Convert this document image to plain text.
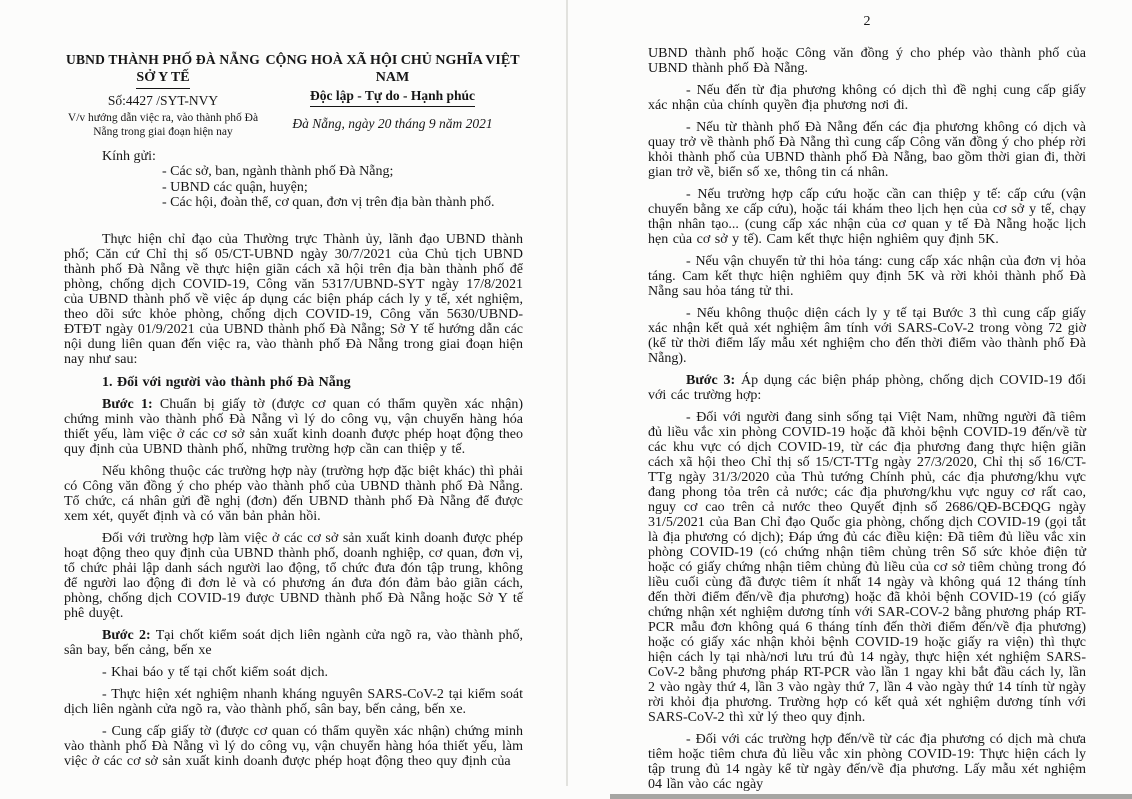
UBND THÀNH PHỐ ĐÀ NẴNG
SỞ Y TẾ
Số:4427 /SYT-NVY
V/v hướng dẫn việc ra, vào thành phố Đà
Nẵng trong giai đoạn hiện nay
CỘNG HOÀ XÃ HỘI CHỦ NGHĨA VIỆT NAM
Độc lập - Tự do - Hạnh phúc
Đà Nẵng, ngày 20 tháng 9 năm 2021
Kính gửi:
- Các sở, ban, ngành thành phố Đà Nẵng;
- UBND các quận, huyện;
- Các hội, đoàn thể, cơ quan, đơn vị trên địa bàn thành phố.

Thực hiện chỉ đạo của Thường trực Thành ủy, lãnh đạo UBND thành phố; Căn cứ Chỉ thị số 05/CT-UBND ngày 30/7/2021 của Chủ tịch UBND thành phố Đà Nẵng về thực hiện giãn cách xã hội trên địa bàn thành phố để phòng, chống dịch COVID-19, Công văn 5317/UBND-SYT ngày 17/8/2021 của UBND thành phố về việc áp dụng các biện pháp cách ly y tế, xét nghiệm, theo dõi sức khỏe phòng, chống dịch COVID-19, Công văn 5630/UBND-ĐTĐT ngày 01/9/2021 của UBND thành phố Đà Nẵng; Sở Y tế hướng dẫn các nội dung liên quan đến việc ra, vào thành phố Đà Nẵng trong giai đoạn hiện nay như sau:

1. Đối với người vào thành phố Đà Nẵng

Bước 1: Chuẩn bị giấy tờ (được cơ quan có thẩm quyền xác nhận) chứng minh vào thành phố Đà Nẵng vì lý do công vụ, vận chuyển hàng hóa thiết yếu, làm việc ở các cơ sở sản xuất kinh doanh được phép hoạt động theo quy định của UBND thành phố, những trường hợp cần can thiệp y tế.

Nếu không thuộc các trường hợp này (trường hợp đặc biệt khác) thì phải có Công văn đồng ý cho phép vào thành phố của UBND thành phố Đà Nẵng. Tổ chức, cá nhân gửi đề nghị (đơn) đến UBND thành phố Đà Nẵng để được xem xét, quyết định và có văn bản phản hồi.

Đối với trường hợp làm việc ở các cơ sở sản xuất kinh doanh được phép hoạt động theo quy định của UBND thành phố, doanh nghiệp, cơ quan, đơn vị, tổ chức phải lập danh sách người lao động, tổ chức đưa đón tập trung, không để người lao động đi đơn lẻ và có phương án đưa đón đảm bảo giãn cách, phòng, chống dịch COVID-19 được UBND thành phố Đà Nẵng hoặc Sở Y tế phê duyệt.

Bước 2: Tại chốt kiểm soát dịch liên ngành cửa ngõ ra, vào thành phố, sân bay, bến cảng, bến xe

- Khai báo y tế tại chốt kiểm soát dịch.

- Thực hiện xét nghiệm nhanh kháng nguyên SARS-CoV-2 tại kiểm soát dịch liên ngành cửa ngõ ra, vào thành phố, sân bay, bến cảng, bến xe.

- Cung cấp giấy tờ (được cơ quan có thẩm quyền xác nhận) chứng minh vào thành phố Đà Nẵng vì lý do công vụ, vận chuyển hàng hóa thiết yếu, làm việc ở các cơ sở sản xuất kinh doanh được phép hoạt động theo quy định của

2

UBND thành phố hoặc Công văn đồng ý cho phép vào thành phố của UBND thành phố Đà Nẵng.

- Nếu đến từ địa phương không có dịch thì đề nghị cung cấp giấy xác nhận của chính quyền địa phương nơi đi.

- Nếu từ thành phố Đà Nẵng đến các địa phương không có dịch và quay trở về thành phố Đà Nẵng thì cung cấp Công văn đồng ý cho phép rời khỏi thành phố của UBND thành phố Đà Nẵng, bao gồm thời gian đi, thời gian trở về, biển số xe, thông tin cá nhân.

- Nếu trường hợp cấp cứu hoặc cần can thiệp y tế: cấp cứu (vận chuyển bằng xe cấp cứu), hoặc tái khám theo lịch hẹn của cơ sở y tế, chạy thận nhân tạo... (cung cấp xác nhận của cơ quan y tế Đà Nẵng hoặc lịch hẹn của cơ sở y tế). Cam kết thực hiện nghiêm quy định 5K.

- Nếu vận chuyển tử thi hỏa táng: cung cấp xác nhận của đơn vị hỏa táng. Cam kết thực hiện nghiêm quy định 5K và rời khỏi thành phố Đà Nẵng sau hỏa táng tử thi.

- Nếu không thuộc diện cách ly y tế tại Bước 3 thì cung cấp giấy xác nhận kết quả xét nghiệm âm tính với SARS-CoV-2 trong vòng 72 giờ (kể từ thời điểm lấy mẫu xét nghiệm cho đến thời điểm vào thành phố Đà Nẵng).

Bước 3: Áp dụng các biện pháp phòng, chống dịch COVID-19 đối với các trường hợp:

- Đối với người đang sinh sống tại Việt Nam, những người đã tiêm đủ liều vắc xin phòng COVID-19 hoặc đã khỏi bệnh COVID-19 đến/về từ các khu vực có dịch COVID-19, từ các địa phương đang thực hiện giãn cách xã hội theo Chỉ thị số 15/CT-TTg ngày 27/3/2020, Chỉ thị số 16/CT-TTg ngày 31/3/2020 của Thủ tướng Chính phủ, các địa phương/khu vực đang phong tỏa trên cả nước; các địa phương/khu vực nguy cơ rất cao, nguy cơ cao trên cả nước theo Quyết định số 2686/QĐ-BCĐQG ngày 31/5/2021 của Ban Chỉ đạo Quốc gia phòng, chống dịch COVID-19 (gọi tắt là địa phương có dịch); Đáp ứng đủ các điều kiện: Đã tiêm đủ liều vắc xin phòng COVID-19 (có chứng nhận tiêm chủng trên Sổ sức khỏe điện tử hoặc có giấy chứng nhận tiêm chủng đủ liều của cơ sở tiêm chủng trong đó liều cuối cùng đã được tiêm ít nhất 14 ngày và không quá 12 tháng tính đến thời điểm đến/về địa phương) hoặc đã khỏi bệnh COVID-19 (có giấy chứng nhận xét nghiệm dương tính với SAR-COV-2 bằng phương pháp RT-PCR mẫu đơn không quá 6 tháng tính đến thời điểm đến/về địa phương) hoặc có giấy xác nhận khỏi bệnh COVID-19 hoặc giấy ra viện) thì thực hiện cách ly tại nhà/nơi lưu trú đủ 14 ngày, thực hiện xét nghiệm SARS-CoV-2 bằng phương pháp RT-PCR vào lần 1 ngay khi bắt đầu cách ly, lần 2 vào ngày thứ 4, lần 3 vào ngày thứ 7, lần 4 vào ngày thứ 14 tính từ ngày rời khỏi địa phương. Trường hợp có kết quả xét nghiệm dương tính với SARS-CoV-2 thì xử lý theo quy định.

- Đối với các trường hợp đến/về từ các địa phương có dịch mà chưa tiêm hoặc tiêm chưa đủ liều vắc xin phòng COVID-19: Thực hiện cách ly tập trung đủ 14 ngày kể từ ngày đến/về địa phương. Lấy mẫu xét nghiệm 04 lần vào các ngày
